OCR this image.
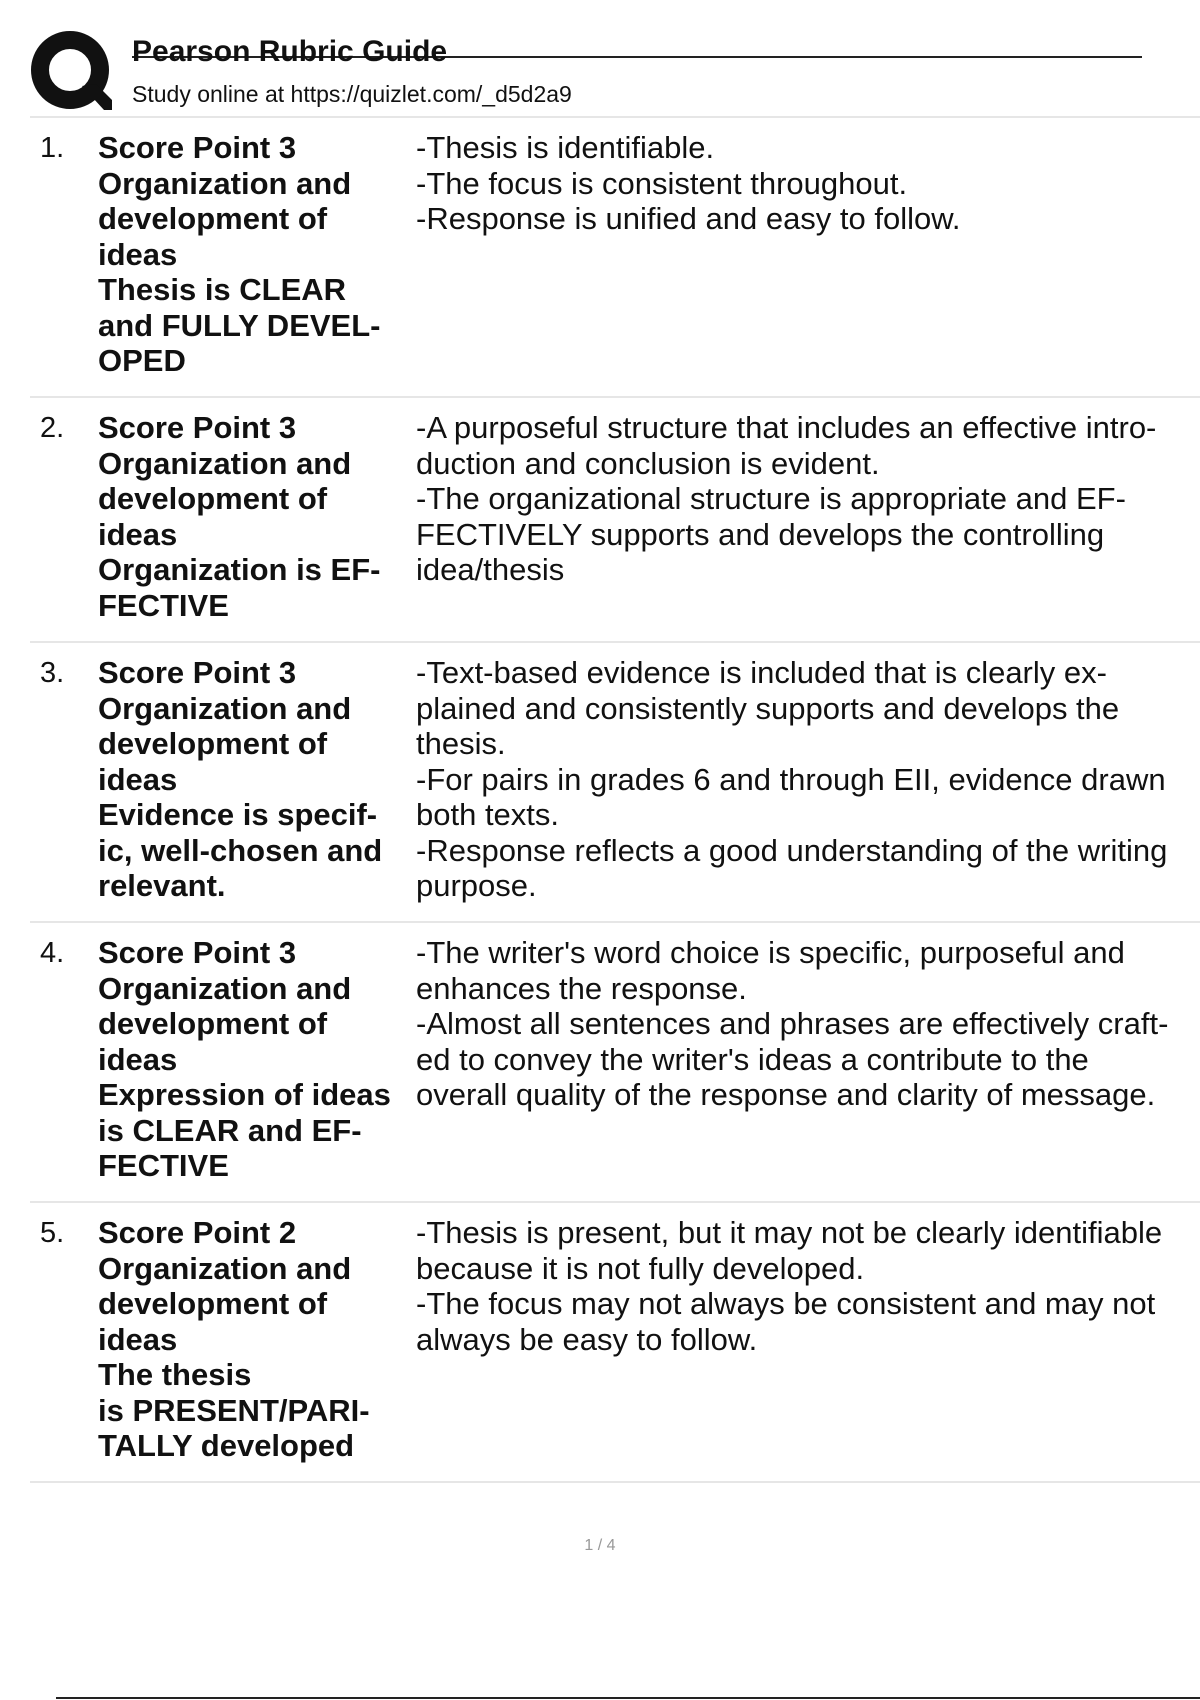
Pearson Rubric Guide
Study online at https://quizlet.com/_d5d2a9
1. Score Point 3
Organization and
development of
ideas
Thesis is CLEAR
and FULLY DEVEL-
OPED
-Thesis is identifiable.
-The focus is consistent throughout.
-Response is unified and easy to follow.
2. Score Point 3
Organization and
development of
ideas
Organization is EF-
FECTIVE
-A purposeful structure that includes an effective intro-
duction and conclusion is evident.
-The organizational structure is appropriate and EF-
FECTIVELY supports and develops the controlling
idea/thesis
3. Score Point 3
Organization and
development of
ideas
Evidence is specif-
ic, well-chosen and
relevant.
-Text-based evidence is included that is clearly ex-
plained and consistently supports and develops the
thesis.
-For pairs in grades 6 and through EII, evidence drawn
both texts.
-Response reflects a good understanding of the writing
purpose.
4. Score Point 3
Organization and
development of
ideas
Expression of ideas
is CLEAR and EF-
FECTIVE
-The writer's word choice is specific, purposeful and
enhances the response.
-Almost all sentences and phrases are effectively craft-
ed to convey the writer's ideas a contribute to the
overall quality of the response and clarity of message.
5. Score Point 2
Organization and
development of
ideas
The thesis
is PRESENT/PARI-
TALLY developed
-Thesis is present, but it may not be clearly identifiable
because it is not fully developed.
-The focus may not always be consistent and may not
always be easy to follow.
1 / 4
